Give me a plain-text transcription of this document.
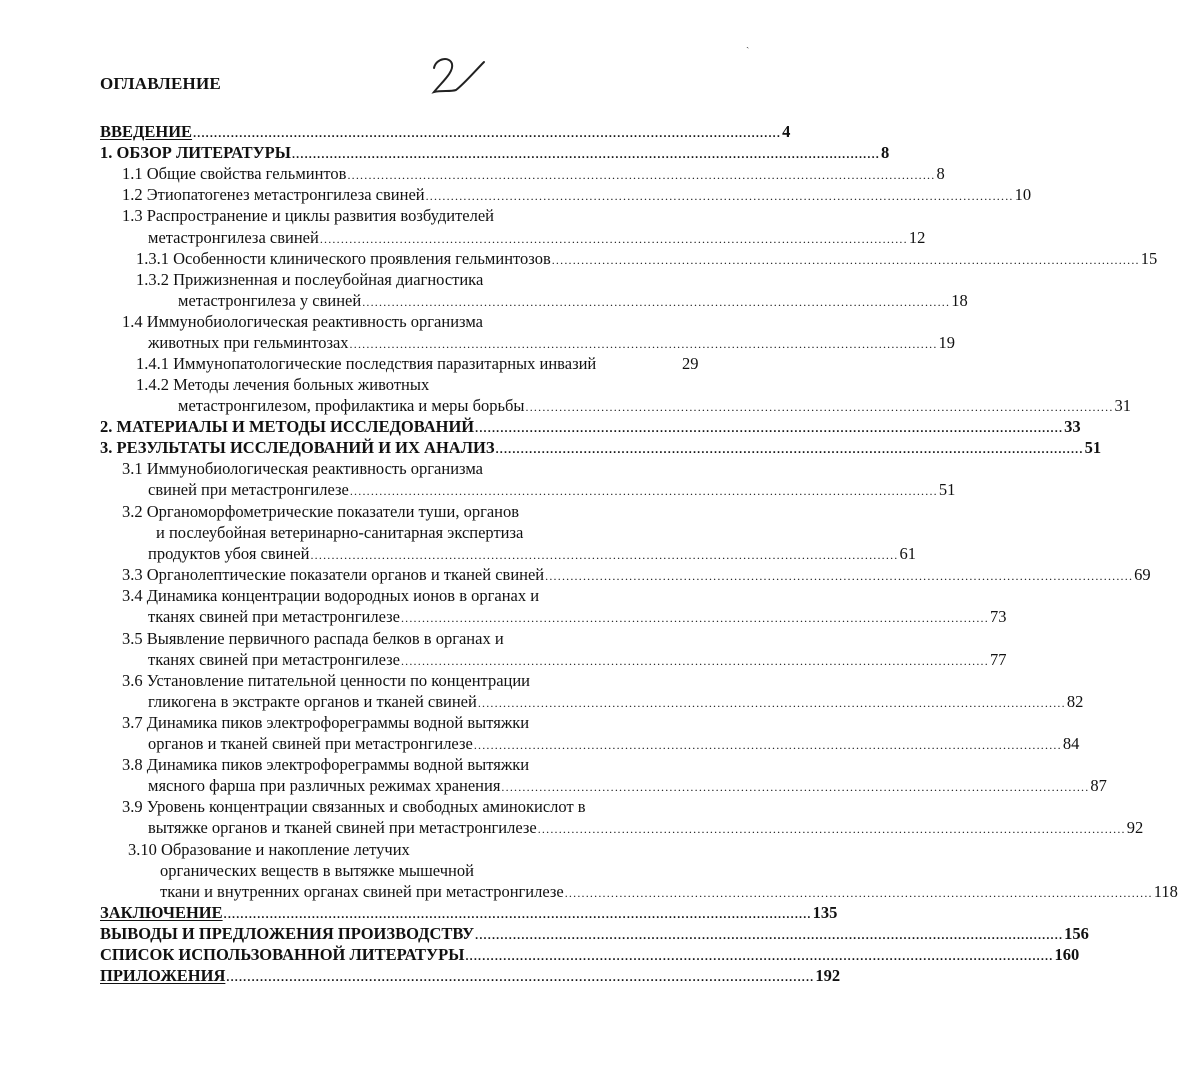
ˎ
ОГЛАВЛЕНИЕ
ВВЕДЕНИЕ ............................................................................................................................................ 4
1. ОБЗОР ЛИТЕРАТУРЫ ............................................................................................................................................ 8
1.1 Общие свойства гельминтов ............................................................................................................................................ 8
1.2 Этиопатогенез метастронгилеза свиней ............................................................................................................................................ 10
1.3 Распространение и циклы развития возбудителей
метастронгилеза свиней ............................................................................................................................................ 12
1.3.1 Особенности клинического проявления гельминтозов ............................................................................................................................................ 15
1.3.2 Прижизненная и послеубойная диагностика
метастронгилеза у свиней ............................................................................................................................................ 18
1.4 Иммунобиологическая реактивность организма
животных при гельминтозах ............................................................................................................................................ 19
1.4.1 Иммунопатологические последствия паразитарных инвазий	29
1.4.2 Методы лечения больных животных
метастронгилезом, профилактика и меры борьбы ............................................................................................................................................ 31
2. МАТЕРИАЛЫ И МЕТОДЫ ИССЛЕДОВАНИЙ ............................................................................................................................................ 33
3. РЕЗУЛЬТАТЫ ИССЛЕДОВАНИЙ И ИХ АНАЛИЗ ............................................................................................................................................ 51
3.1 Иммунобиологическая реактивность организма
свиней при метастронгилезе ............................................................................................................................................ 51
3.2 Органоморфометрические показатели туши, органов
и послеубойная ветеринарно-санитарная экспертиза
продуктов убоя свиней ............................................................................................................................................ 61
3.3 Органолептические показатели органов и тканей свиней ............................................................................................................................................ 69
3.4 Динамика концентрации водородных ионов в органах и
тканях свиней при метастронгилезе ............................................................................................................................................ 73
3.5 Выявление первичного распада белков в органах и
тканях свиней при метастронгилезе ............................................................................................................................................ 77
3.6 Установление питательной ценности по концентрации
гликогена в экстракте органов и тканей свиней ............................................................................................................................................ 82
3.7 Динамика пиков электрофореграммы водной вытяжки
органов и тканей свиней при метастронгилезе ............................................................................................................................................ 84
3.8 Динамика пиков электрофореграммы водной вытяжки
мясного фарша при различных режимах хранения ............................................................................................................................................ 87
3.9 Уровень концентрации связанных и свободных аминокислот в
вытяжке органов и тканей свиней при метастронгилезе ............................................................................................................................................ 92
3.10 Образование и накопление летучих
органических веществ в вытяжке мышечной
ткани и внутренних органах свиней при метастронгилезе ............................................................................................................................................ 118
ЗАКЛЮЧЕНИЕ ............................................................................................................................................ 135
ВЫВОДЫ И ПРЕДЛОЖЕНИЯ ПРОИЗВОДСТВУ ............................................................................................................................................ 156
СПИСОК ИСПОЛЬЗОВАННОЙ ЛИТЕРАТУРЫ ............................................................................................................................................ 160
ПРИЛОЖЕНИЯ ............................................................................................................................................ 192
